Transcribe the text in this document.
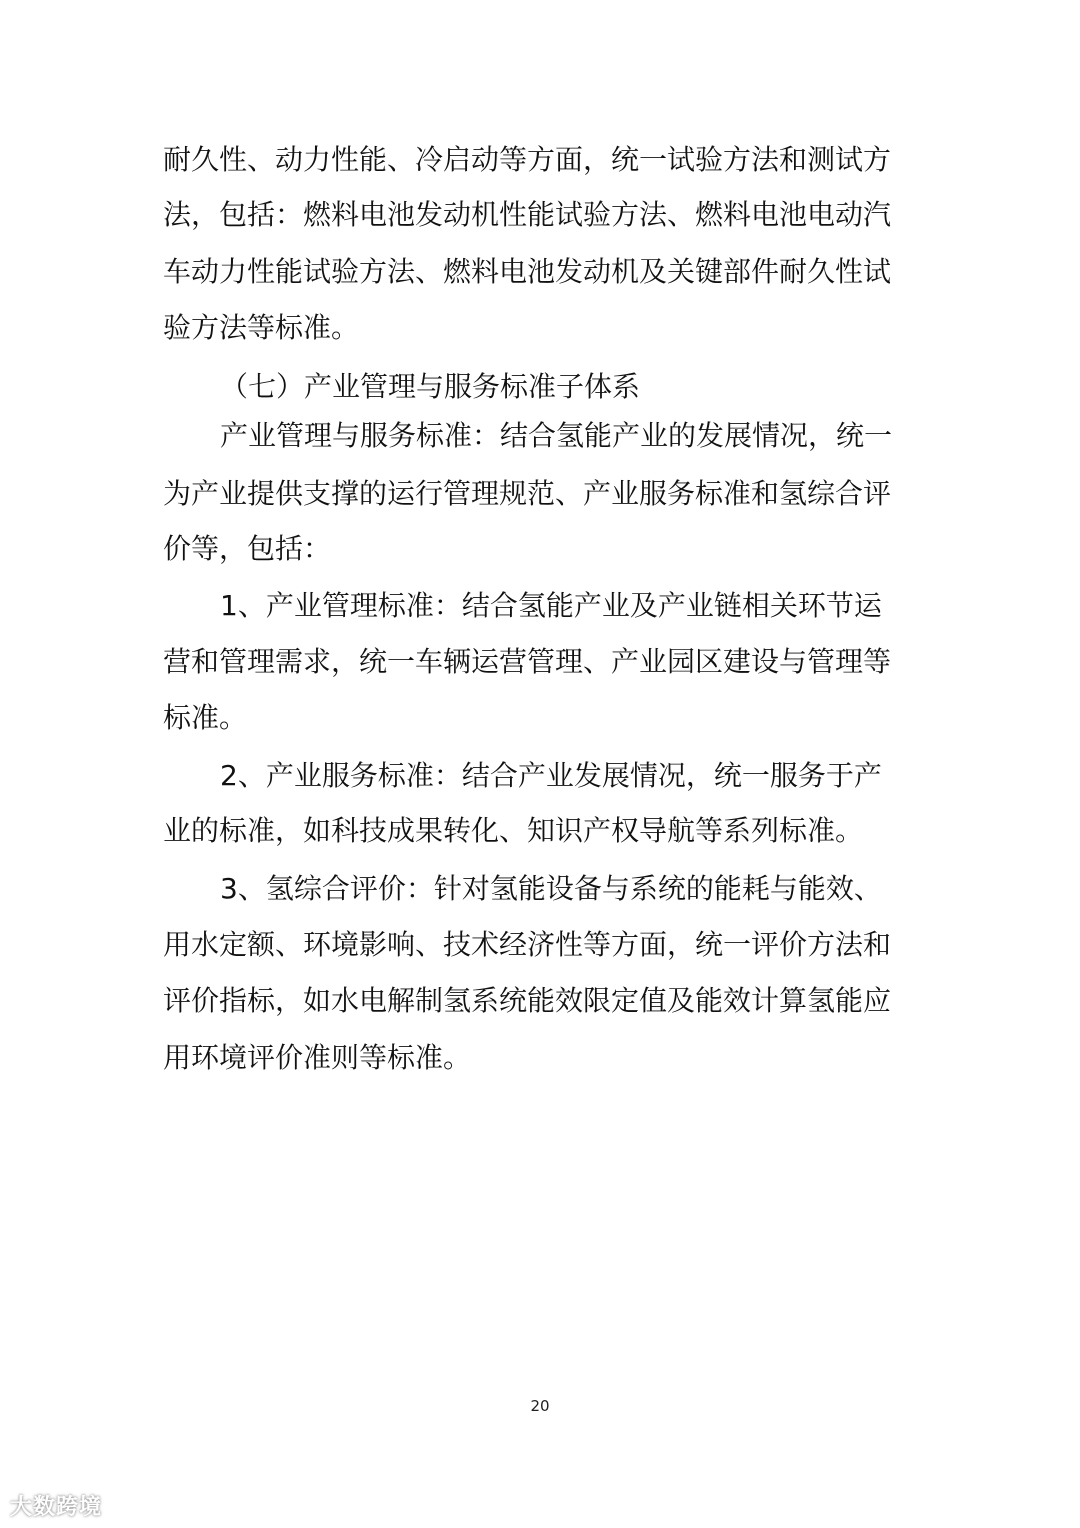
耐久性、动力性能、冷启动等方面，统一试验方法和测试方
法，包括：燃料电池发动机性能试验方法、燃料电池电动汽
车动力性能试验方法、燃料电池发动机及关键部件耐久性试
验方法等标准。
（七）产业管理与服务标准子体系
产业管理与服务标准：结合氢能产业的发展情况，统一
为产业提供支撑的运行管理规范、产业服务标准和氢综合评
价等，包括：
1、产业管理标准：结合氢能产业及产业链相关环节运
营和管理需求，统一车辆运营管理、产业园区建设与管理等
标准。
2、产业服务标准：结合产业发展情况，统一服务于产
业的标准，如科技成果转化、知识产权导航等系列标准。
3、氢综合评价：针对氢能设备与系统的能耗与能效、
用水定额、环境影响、技术经济性等方面，统一评价方法和
评价指标，如水电解制氢系统能效限定值及能效计算氢能应
用环境评价准则等标准。
20
大数跨境
